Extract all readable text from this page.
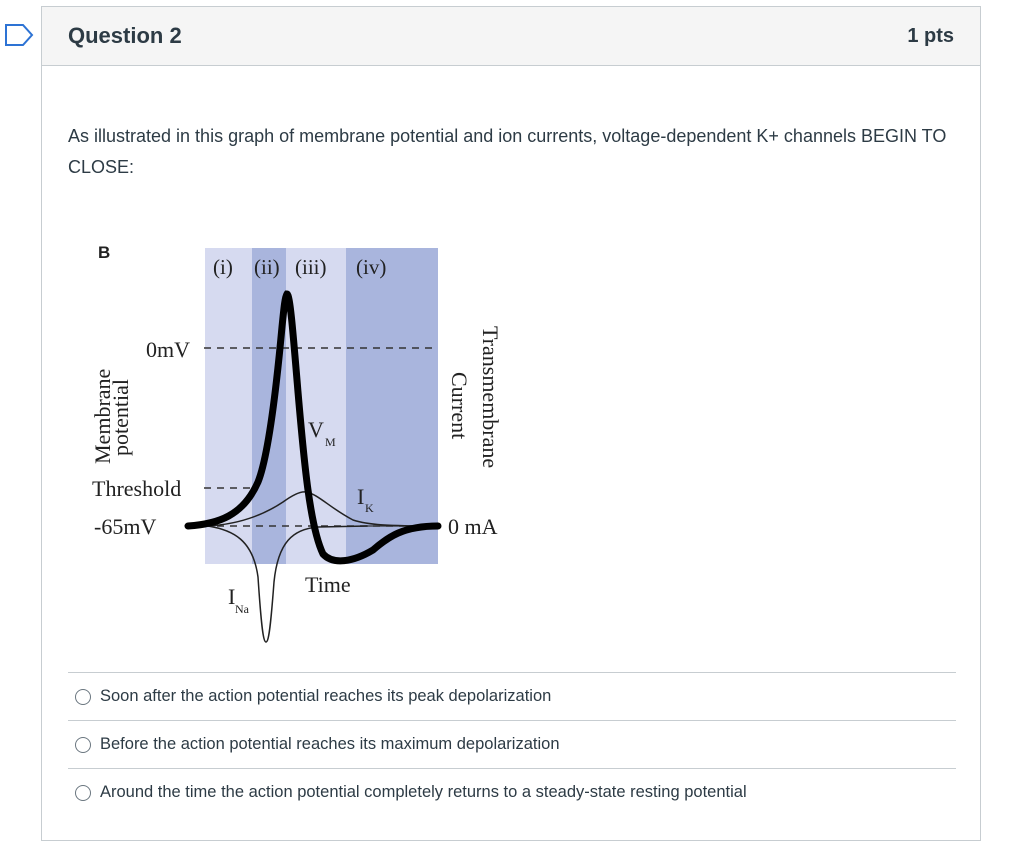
Question 2	1 pts
As illustrated in this graph of membrane potential and ion currents, voltage-dependent K+ channels BEGIN TO CLOSE:
B
(i) (ii) (iii) (iv)
Membrane
potential
0mV
Threshold
-65mV
V M
I K
I Na
Time
Transmembrane
Current
0 mA
Soon after the action potential reaches its peak depolarization
Before the action potential reaches its maximum depolarization
Around the time the action potential completely returns to a steady-state resting potential
